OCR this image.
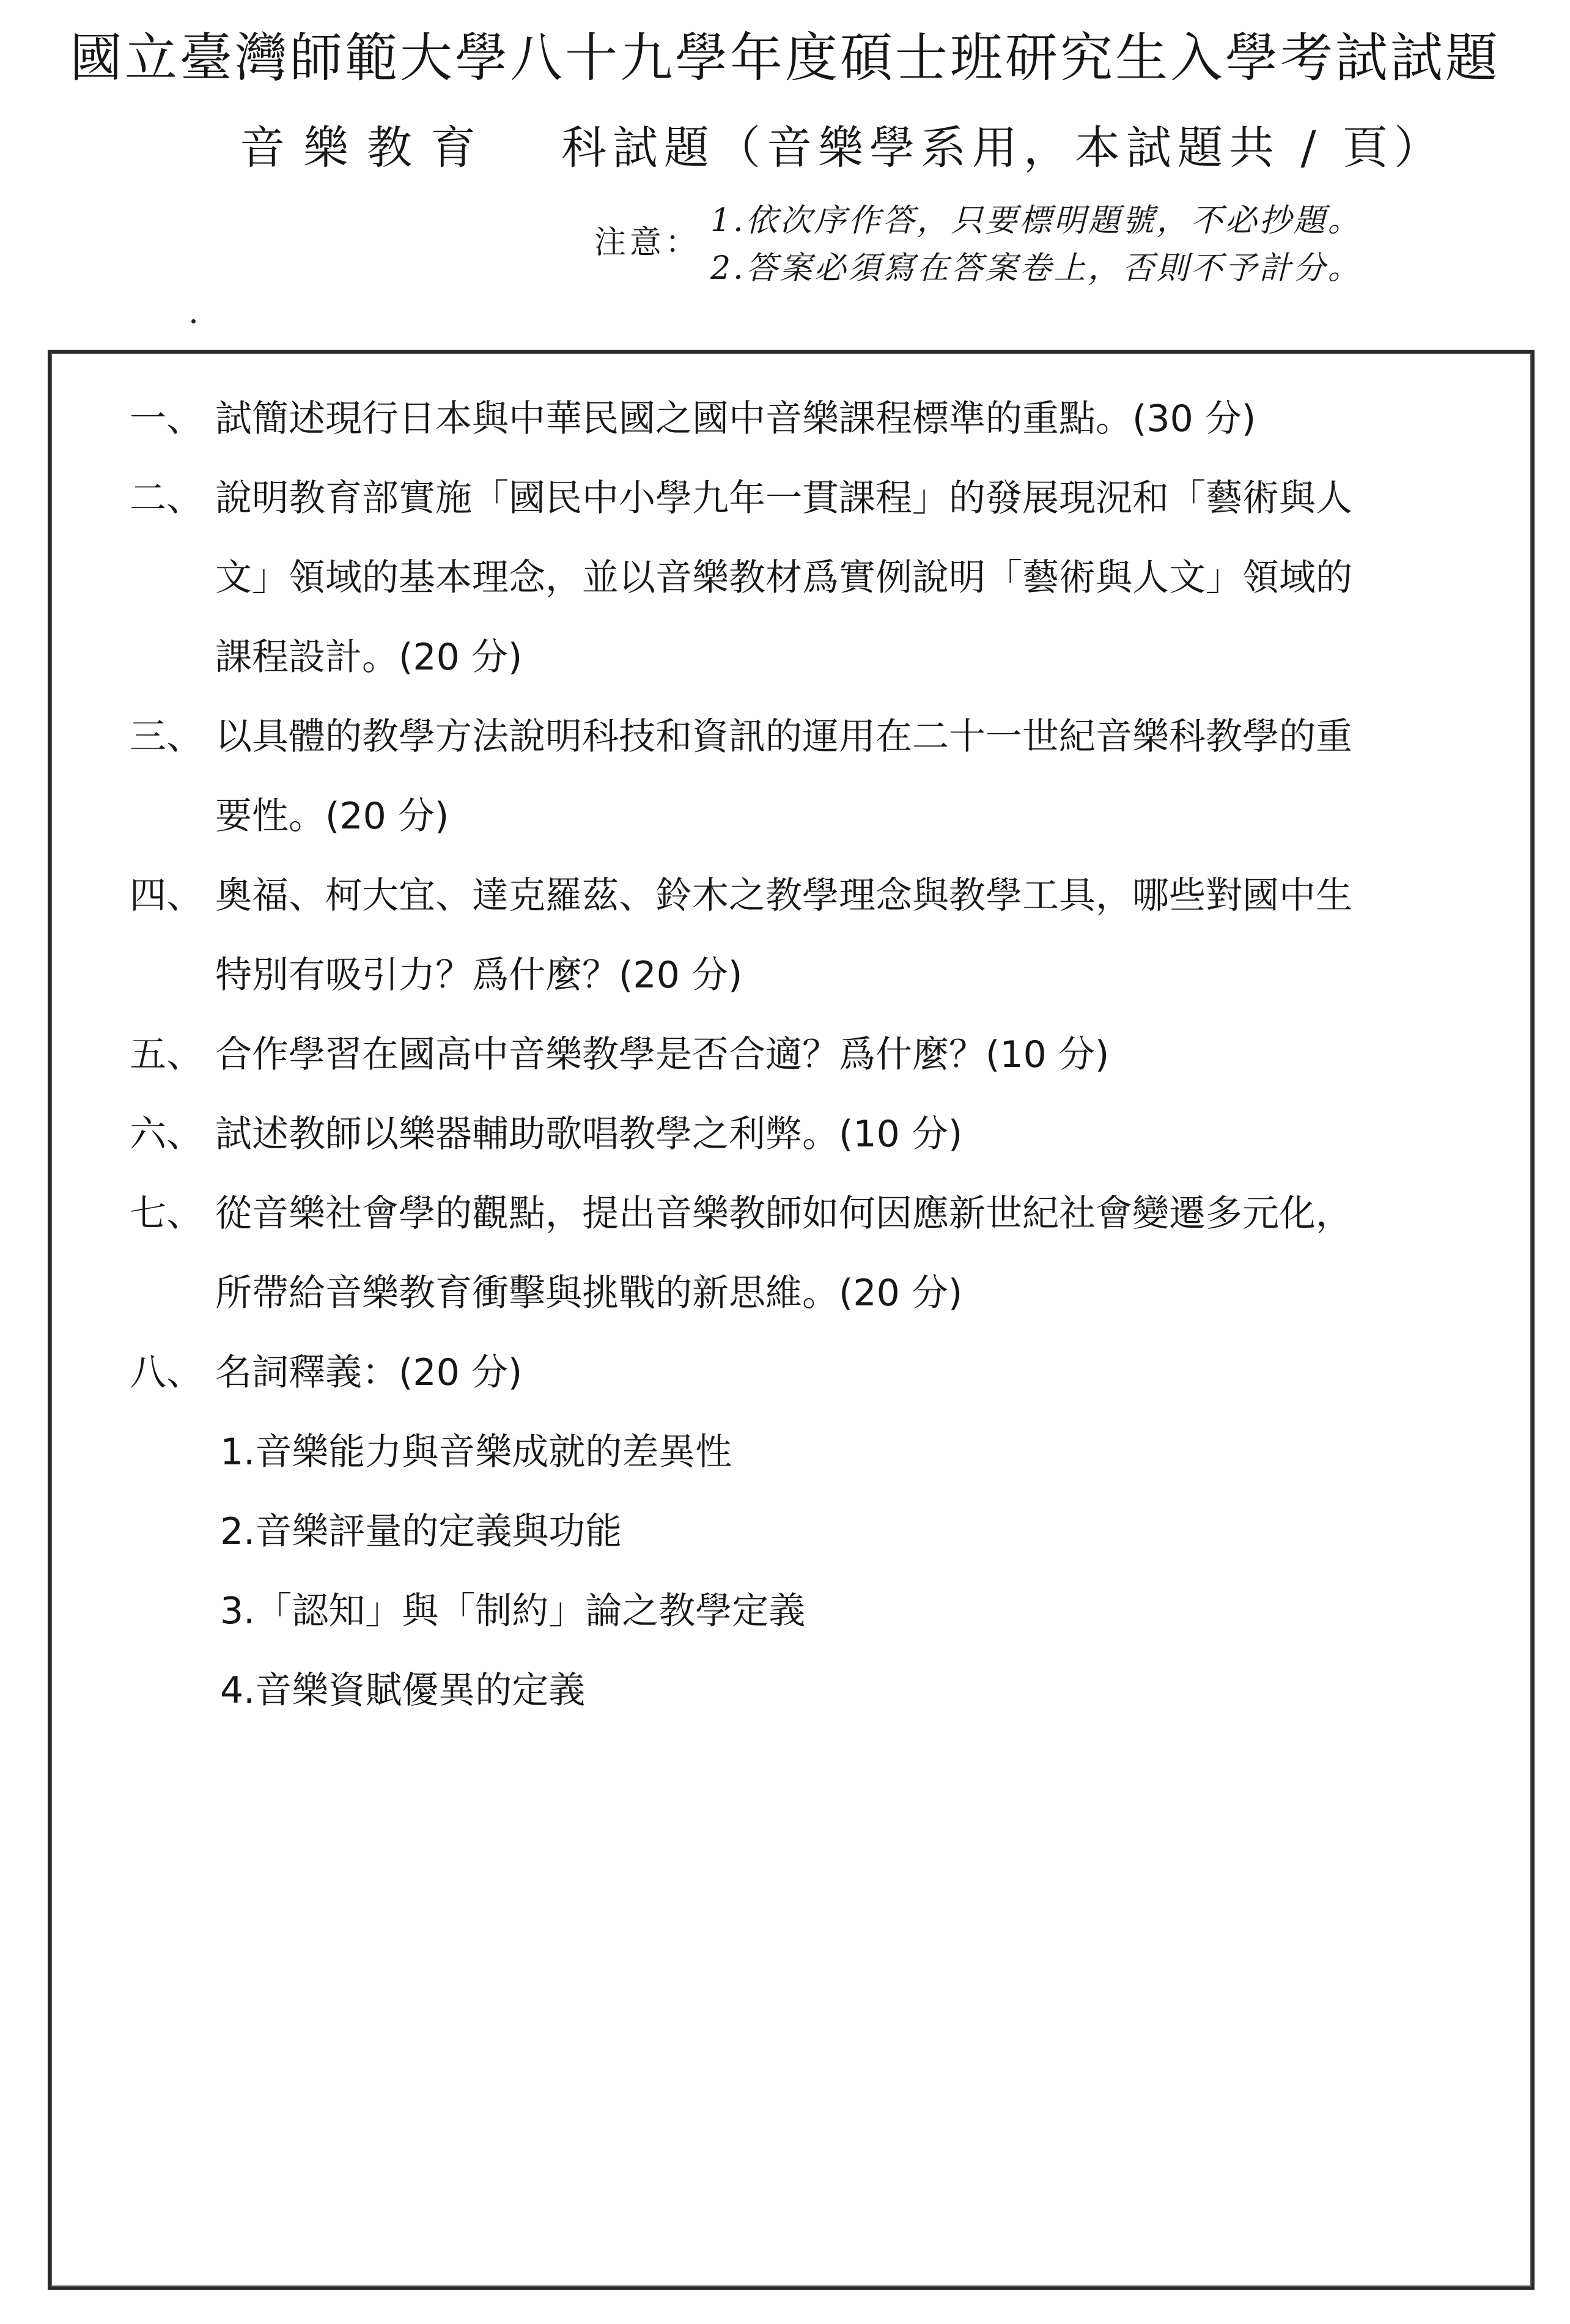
國立臺灣師範大學八十九學年度碩士班研究生入學考試試題
音樂教育 科試題（音樂學系用，本試題共 / 頁）
注意：
1.依次序作答，只要標明題號，不必抄題。
2.答案必須寫在答案卷上，否則不予計分。
一、 試簡述現行日本與中華民國之國中音樂課程標準的重點。(30 分)
二、 說明教育部實施「國民中小學九年一貫課程」的發展現況和「藝術與人
文」領域的基本理念，並以音樂教材爲實例說明「藝術與人文」領域的
課程設計。(20 分)
三、 以具體的教學方法說明科技和資訊的運用在二十一世紀音樂科教學的重
要性。(20 分)
四、 奧福、柯大宜、達克羅茲、鈴木之教學理念與教學工具，哪些對國中生
特別有吸引力？爲什麼？(20 分)
五、 合作學習在國高中音樂教學是否合適？爲什麼？(10 分)
六、 試述教師以樂器輔助歌唱教學之利弊。(10 分)
七、 從音樂社會學的觀點，提出音樂教師如何因應新世紀社會變遷多元化，
所帶給音樂教育衝擊與挑戰的新思維。(20 分)
八、 名詞釋義：(20 分)
1.音樂能力與音樂成就的差異性
2.音樂評量的定義與功能
3.「認知」與「制約」論之教學定義
4.音樂資賦優異的定義
